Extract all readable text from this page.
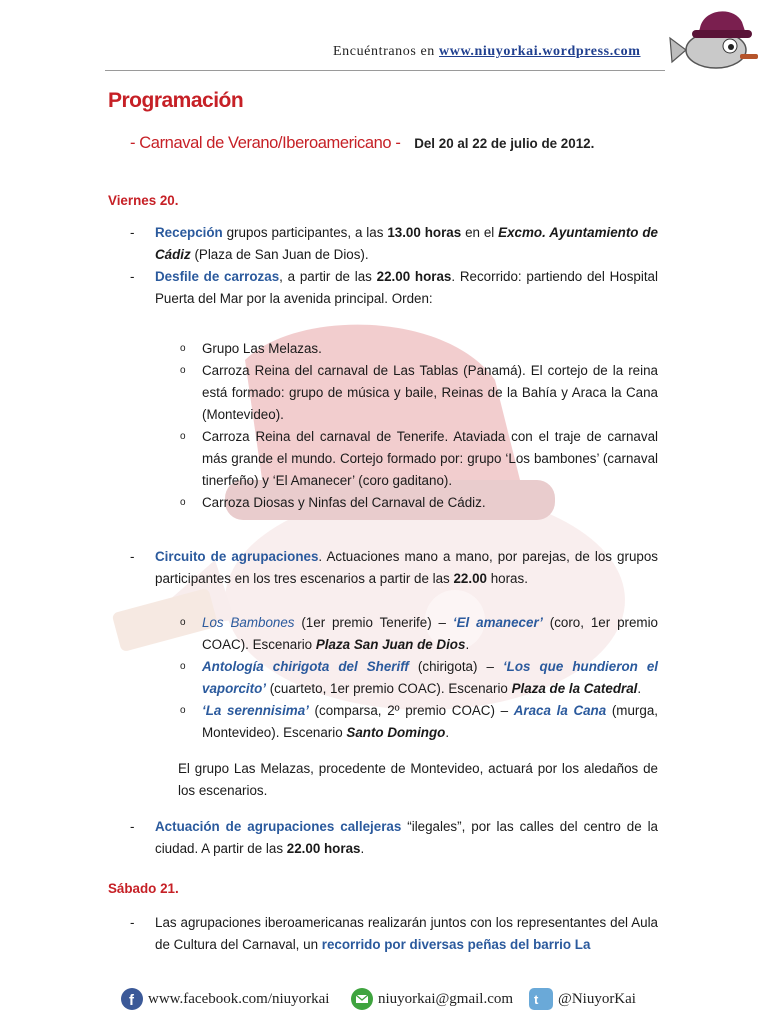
Encuéntranos en www.niuyorkai.wordpress.com
Programación
- Carnaval de Verano/Iberoamericano - Del 20 al 22 de julio de 2012.
Viernes 20.
- Recepción grupos participantes, a las 13.00 horas en el Excmo. Ayuntamiento de Cádiz (Plaza de San Juan de Dios).
- Desfile de carrozas, a partir de las 22.00 horas. Recorrido: partiendo del Hospital Puerta del Mar por la avenida principal. Orden:
o Grupo Las Melazas.
o Carroza Reina del carnaval de Las Tablas (Panamá). El cortejo de la reina está formado: grupo de música y baile, Reinas de la Bahía y Araca la Cana (Montevideo).
o Carroza Reina del carnaval de Tenerife. Ataviada con el traje de carnaval más grande el mundo. Cortejo formado por: grupo ‘Los bambones’ (carnaval tinerfeño) y ‘El Amanecer’ (coro gaditano).
o Carroza Diosas y Ninfas del Carnaval de Cádiz.
- Circuito de agrupaciones. Actuaciones mano a mano, por parejas, de los grupos participantes en los tres escenarios a partir de las 22.00 horas.
o Los Bambones (1er premio Tenerife) – ‘El amanecer’ (coro, 1er premio COAC). Escenario Plaza San Juan de Dios.
o Antología chirigota del Sheriff (chirigota) – ‘Los que hundieron el vaporcito’ (cuarteto, 1er premio COAC). Escenario Plaza de la Catedral.
o ‘La serennisima’ (comparsa, 2º premio COAC) – Araca la Cana (murga, Montevideo). Escenario Santo Domingo.
El grupo Las Melazas, procedente de Montevideo, actuará por los aledaños de los escenarios.
- Actuación de agrupaciones callejeras “ilegales”, por las calles del centro de la ciudad. A partir de las 22.00 horas.
Sábado 21.
- Las agrupaciones iberoamericanas realizarán juntos con los representantes del Aula de Cultura del Carnaval, un recorrido por diversas peñas del barrio La
f www.facebook.com/niuyorkai	niuyorkai@gmail.com t @NiuyorKai
